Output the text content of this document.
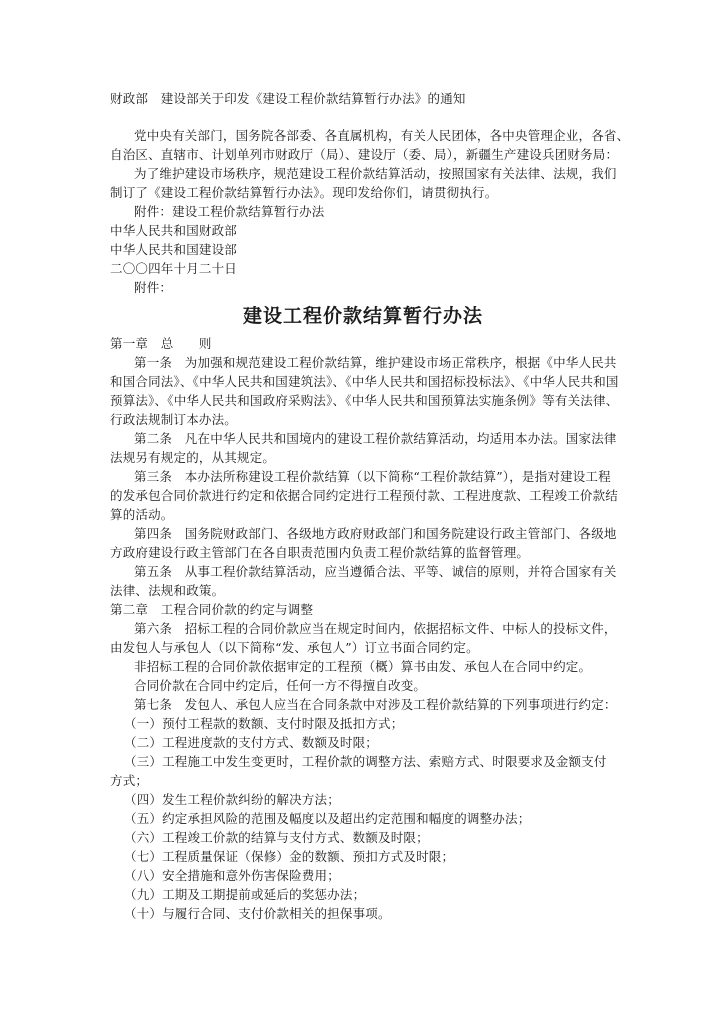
财政部　建设部关于印发《建设工程价款结算暂行办法》的通知
党中央有关部门，国务院各部委、各直属机构，有关人民团体，各中央管理企业，各省、
自治区、直辖市、计划单列市财政厅（局）、建设厅（委、局），新疆生产建设兵团财务局：
为了维护建设市场秩序，规范建设工程价款结算活动，按照国家有关法律、法规，我们
制订了《建设工程价款结算暂行办法》。现印发给你们，请贯彻执行。
附件：建设工程价款结算暂行办法
中华人民共和国财政部
中华人民共和国建设部
二〇〇四年十月二十日
附件：
建设工程价款结算暂行办法
第一章　总　　则
第一条　为加强和规范建设工程价款结算，维护建设市场正常秩序，根据《中华人民共
和国合同法》、《中华人民共和国建筑法》、《中华人民共和国招标投标法》、《中华人民共和国
预算法》、《中华人民共和国政府采购法》、《中华人民共和国预算法实施条例》等有关法律、
行政法规制订本办法。
第二条　凡在中华人民共和国境内的建设工程价款结算活动，均适用本办法。国家法律
法规另有规定的，从其规定。
第三条　本办法所称建设工程价款结算（以下简称“工程价款结算”），是指对建设工程
的发承包合同价款进行约定和依据合同约定进行工程预付款、工程进度款、工程竣工价款结
算的活动。
第四条　国务院财政部门、各级地方政府财政部门和国务院建设行政主管部门、各级地
方政府建设行政主管部门在各自职责范围内负责工程价款结算的监督管理。
第五条　从事工程价款结算活动，应当遵循合法、平等、诚信的原则，并符合国家有关
法律、法规和政策。
第二章　工程合同价款的约定与调整
第六条　招标工程的合同价款应当在规定时间内，依据招标文件、中标人的投标文件，
由发包人与承包人（以下简称“发、承包人”）订立书面合同约定。
非招标工程的合同价款依据审定的工程预（概）算书由发、承包人在合同中约定。
合同价款在合同中约定后，任何一方不得擅自改变。
第七条　发包人、承包人应当在合同条款中对涉及工程价款结算的下列事项进行约定：
（一）预付工程款的数额、支付时限及抵扣方式；
（二）工程进度款的支付方式、数额及时限；
（三）工程施工中发生变更时，工程价款的调整方法、索赔方式、时限要求及金额支付
方式；
（四）发生工程价款纠纷的解决方法；
（五）约定承担风险的范围及幅度以及超出约定范围和幅度的调整办法；
（六）工程竣工价款的结算与支付方式、数额及时限；
（七）工程质量保证（保修）金的数额、预扣方式及时限；
（八）安全措施和意外伤害保险费用；
（九）工期及工期提前或延后的奖惩办法；
（十）与履行合同、支付价款相关的担保事项。
